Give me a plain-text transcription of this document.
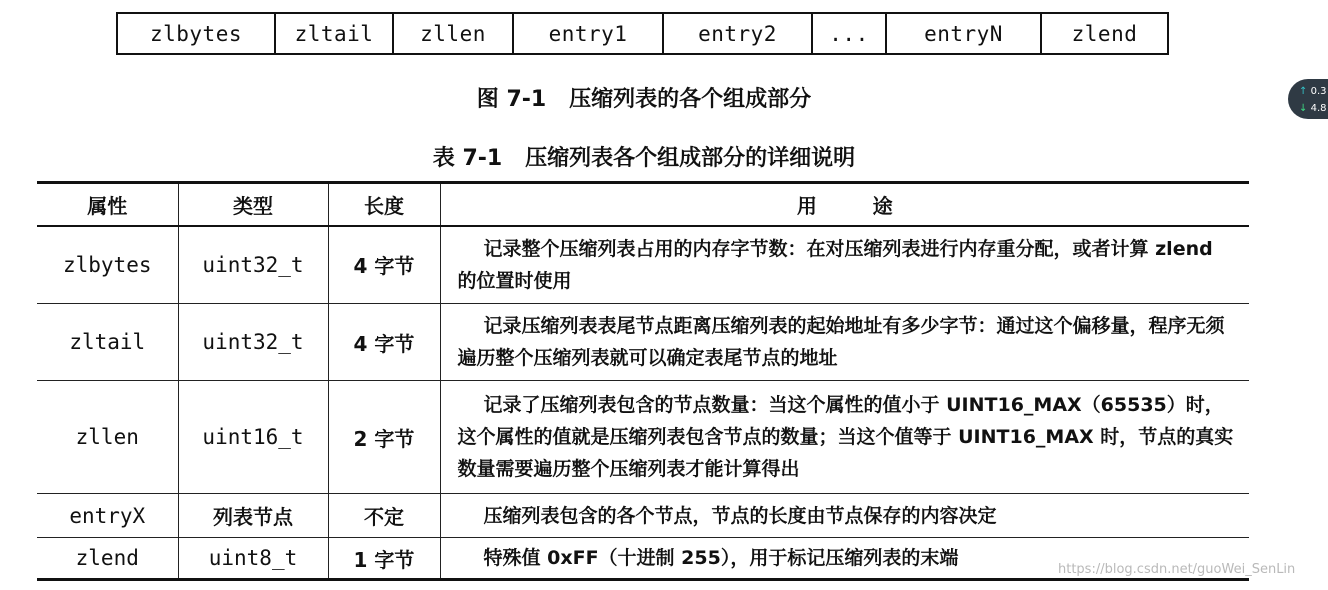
zlbytes	zltail	zllen	entry1	entry2	...	entryN	zlend
图 7-1   压缩列表的各个组成部分
表 7-1   压缩列表各个组成部分的详细说明
属性	类型	长度	用        途
zlbytes	uint32_t	4 字节	记录整个压缩列表占用的内存字节数：在对压缩列表进行内存重分配，或者计算 zlend 的位置时使用
zltail	uint32_t	4 字节	记录压缩列表表尾节点距离压缩列表的起始地址有多少字节：通过这个偏移量，程序无须遍历整个压缩列表就可以确定表尾节点的地址
zllen	uint16_t	2 字节	记录了压缩列表包含的节点数量：当这个属性的值小于 UINT16_MAX（65535）时，这个属性的值就是压缩列表包含节点的数量；当这个值等于 UINT16_MAX 时，节点的真实数量需要遍历整个压缩列表才能计算得出
entryX	列表节点	不定	压缩列表包含的各个节点，节点的长度由节点保存的内容决定
zlend	uint8_t	1 字节	特殊值 0xFF（十进制 255），用于标记压缩列表的末端
↑ 0.3
↓ 4.8
https://blog.csdn.net/guoWei_SenLin
